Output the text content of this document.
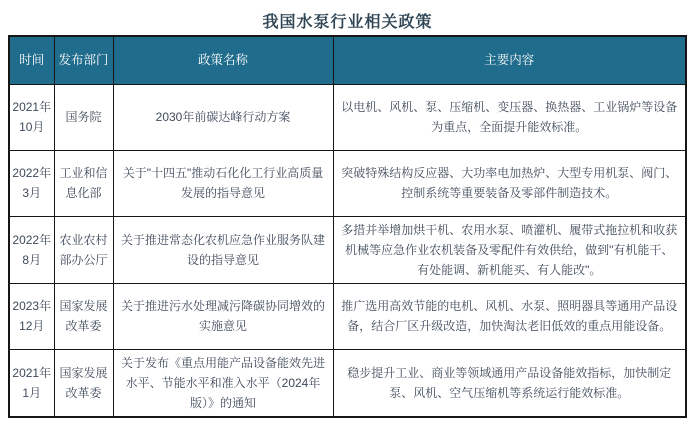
我国水泵行业相关政策
时间	发布部门	政策名称	主要内容
2021年10月	国务院	2030年前碳达峰行动方案	以电机、风机、泵、压缩机、变压器、换热器、工业锅炉等设备为重点，全面提升能效标准。
2022年3月	工业和信息化部	关于"十四五"推动石化化工行业高质量发展的指导意见	突破特殊结构反应器、大功率电加热炉、大型专用机泵、阀门、控制系统等重要装备及零部件制造技术。
2022年8月	农业农村部办公厅	关于推进常态化农机应急作业服务队建设的指导意见	多措并举增加烘干机、农用水泵、喷灌机、履带式拖拉机和收获机械等应急作业农机装备及零配件有效供给，做到"有机能干、有处能调、新机能买、有人能改"。
2023年12月	国家发展改革委	关于推进污水处理减污降碳协同增效的实施意见	推广选用高效节能的电机、风机、水泵、照明器具等通用产品设备，结合厂区升级改造，加快淘汰老旧低效的重点用能设备。
2021年1月	国家发展改革委	关于发布《重点用能产品设备能效先进水平、节能水平和准入水平（2024年版）》的通知	稳步提升工业、商业等领域通用产品设备能效指标，加快制定泵、风机、空气压缩机等系统运行能效标准。
